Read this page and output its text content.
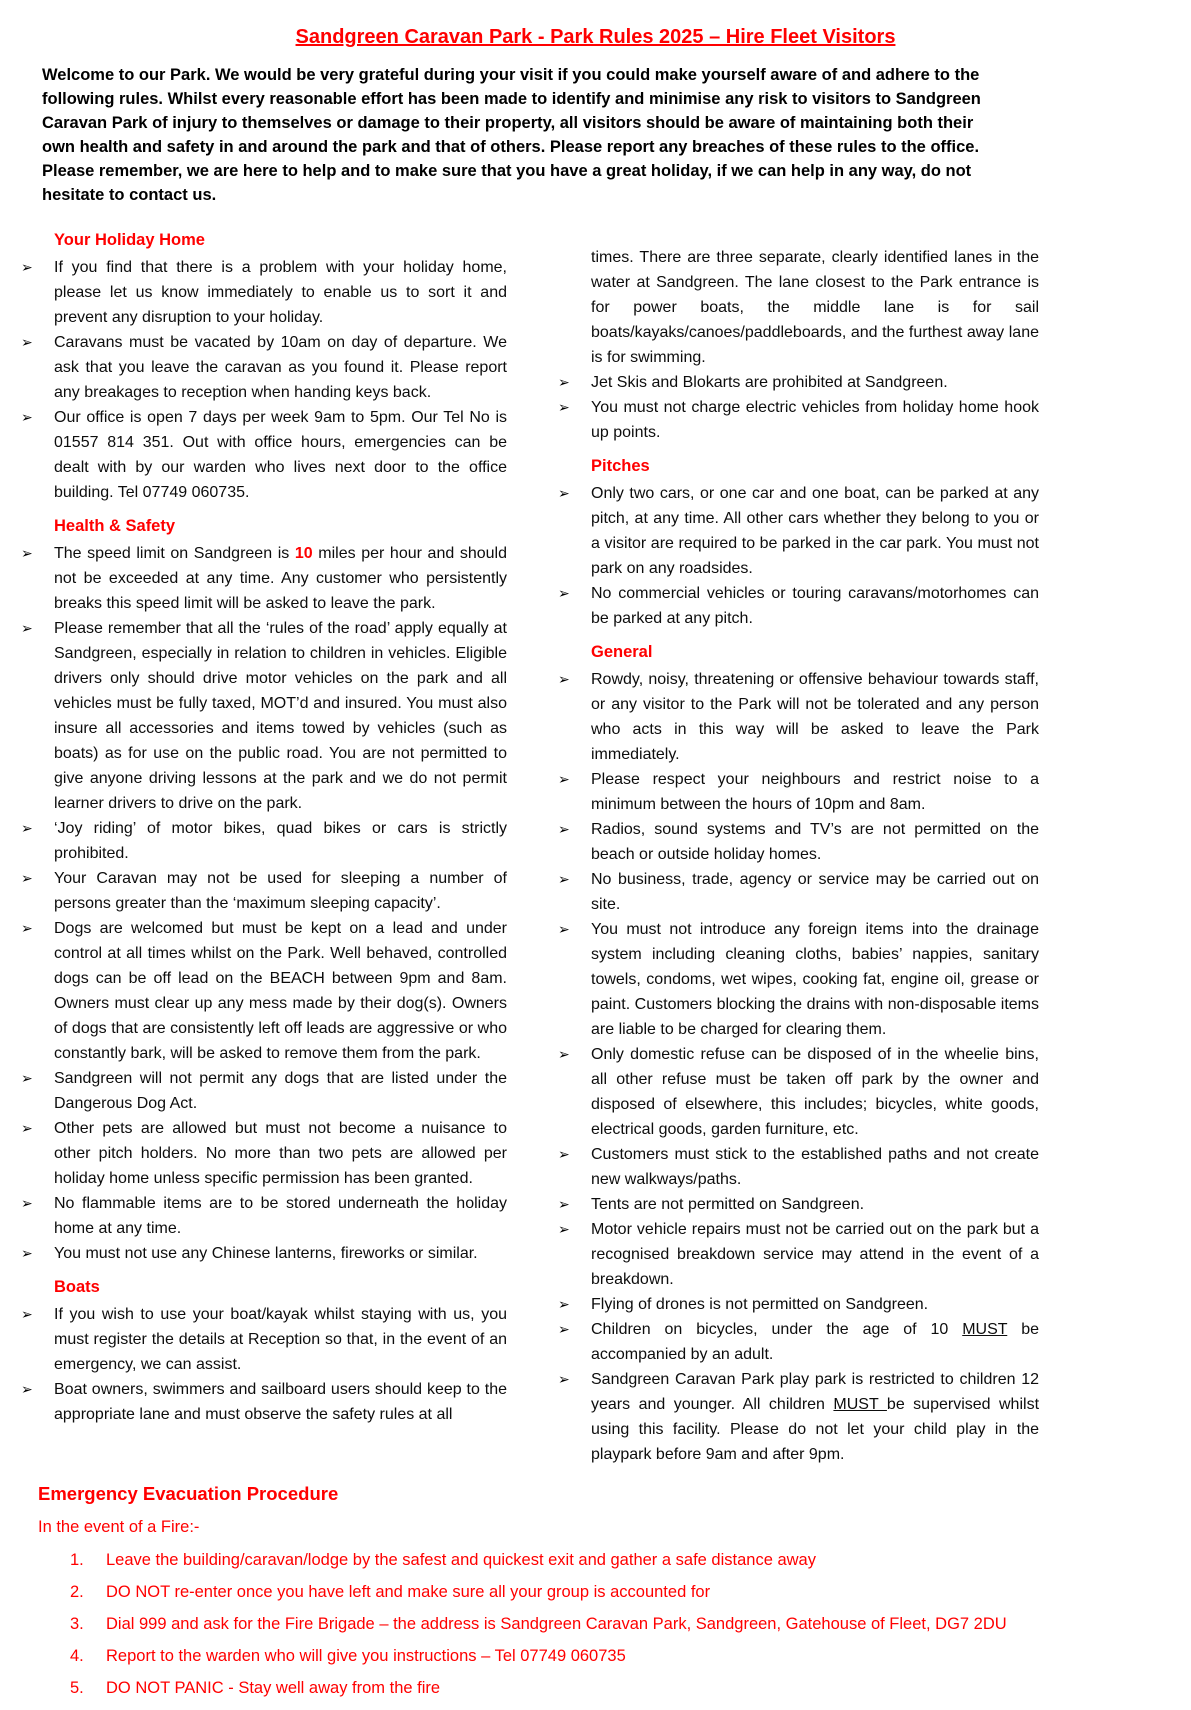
Sandgreen Caravan Park - Park Rules 2025 – Hire Fleet Visitors

Welcome to our Park. We would be very grateful during your visit if you could make yourself aware of and adhere to the following rules. Whilst every reasonable effort has been made to identify and minimise any risk to visitors to Sandgreen Caravan Park of injury to themselves or damage to their property, all visitors should be aware of maintaining both their own health and safety in and around the park and that of others. Please report any breaches of these rules to the office. Please remember, we are here to help and to make sure that you have a great holiday, if we can help in any way, do not hesitate to contact us.

Your Holiday Home
➢	If you find that there is a problem with your holiday home, please let us know immediately to enable us to sort it and prevent any disruption to your holiday.
➢	Caravans must be vacated by 10am on day of departure. We ask that you leave the caravan as you found it. Please report any breakages to reception when handing keys back.
➢	Our office is open 7 days per week 9am to 5pm. Our Tel No is 01557 814 351. Out with office hours, emergencies can be dealt with by our warden who lives next door to the office building. Tel 07749 060735.
Health & Safety
➢	The speed limit on Sandgreen is 10 miles per hour and should not be exceeded at any time. Any customer who persistently breaks this speed limit will be asked to leave the park.
➢	Please remember that all the ‘rules of the road’ apply equally at Sandgreen, especially in relation to children in vehicles. Eligible drivers only should drive motor vehicles on the park and all vehicles must be fully taxed, MOT’d and insured. You must also insure all accessories and items towed by vehicles (such as boats) as for use on the public road. You are not permitted to give anyone driving lessons at the park and we do not permit learner drivers to drive on the park.
➢	‘Joy riding’ of motor bikes, quad bikes or cars is strictly prohibited.
➢	Your Caravan may not be used for sleeping a number of persons greater than the ‘maximum sleeping capacity’.
➢	Dogs are welcomed but must be kept on a lead and under control at all times whilst on the Park. Well behaved, controlled dogs can be off lead on the BEACH between 9pm and 8am. Owners must clear up any mess made by their dog(s). Owners of dogs that are consistently left off leads are aggressive or who constantly bark, will be asked to remove them from the park.
➢	Sandgreen will not permit any dogs that are listed under the Dangerous Dog Act.
➢	Other pets are allowed but must not become a nuisance to other pitch holders. No more than two pets are allowed per holiday home unless specific permission has been granted.
➢	No flammable items are to be stored underneath the holiday home at any time.
➢	You must not use any Chinese lanterns, fireworks or similar.
Boats
➢	If you wish to use your boat/kayak whilst staying with us, you must register the details at Reception so that, in the event of an emergency, we can assist.
➢	Boat owners, swimmers and sailboard users should keep to the appropriate lane and must observe the safety rules at all
times. There are three separate, clearly identified lanes in the water at Sandgreen. The lane closest to the Park entrance is for power boats, the middle lane is for sail boats/kayaks/canoes/paddleboards, and the furthest away lane is for swimming.
➢	Jet Skis and Blokarts are prohibited at Sandgreen.
➢	You must not charge electric vehicles from holiday home hook up points.
Pitches
➢	Only two cars, or one car and one boat, can be parked at any pitch, at any time. All other cars whether they belong to you or a visitor are required to be parked in the car park. You must not park on any roadsides.
➢	No commercial vehicles or touring caravans/motorhomes can be parked at any pitch.
General
➢	Rowdy, noisy, threatening or offensive behaviour towards staff, or any visitor to the Park will not be tolerated and any person who acts in this way will be asked to leave the Park immediately.
➢	Please respect your neighbours and restrict noise to a minimum between the hours of 10pm and 8am.
➢	Radios, sound systems and TV’s are not permitted on the beach or outside holiday homes.
➢	No business, trade, agency or service may be carried out on site.
➢	You must not introduce any foreign items into the drainage system including cleaning cloths, babies’ nappies, sanitary towels, condoms, wet wipes, cooking fat, engine oil, grease or paint. Customers blocking the drains with non-disposable items are liable to be charged for clearing them.
➢	Only domestic refuse can be disposed of in the wheelie bins, all other refuse must be taken off park by the owner and disposed of elsewhere, this includes; bicycles, white goods, electrical goods, garden furniture, etc.
➢	Customers must stick to the established paths and not create new walkways/paths.
➢	Tents are not permitted on Sandgreen.
➢	Motor vehicle repairs must not be carried out on the park but a recognised breakdown service may attend in the event of a breakdown.
➢	Flying of drones is not permitted on Sandgreen.
➢	Children on bicycles, under the age of 10 MUST be accompanied by an adult.
➢	Sandgreen Caravan Park play park is restricted to children 12 years and younger. All children MUST be supervised whilst using this facility. Please do not let your child play in the playpark before 9am and after 9pm.
Emergency Evacuation Procedure

In the event of a Fire:-

1.	Leave the building/caravan/lodge by the safest and quickest exit and gather a safe distance away
2.	DO NOT re-enter once you have left and make sure all your group is accounted for
3.	Dial 999 and ask for the Fire Brigade – the address is Sandgreen Caravan Park, Sandgreen, Gatehouse of Fleet, DG7 2DU
4.	Report to the warden who will give you instructions – Tel 07749 060735
5.	DO NOT PANIC - Stay well away from the fire
